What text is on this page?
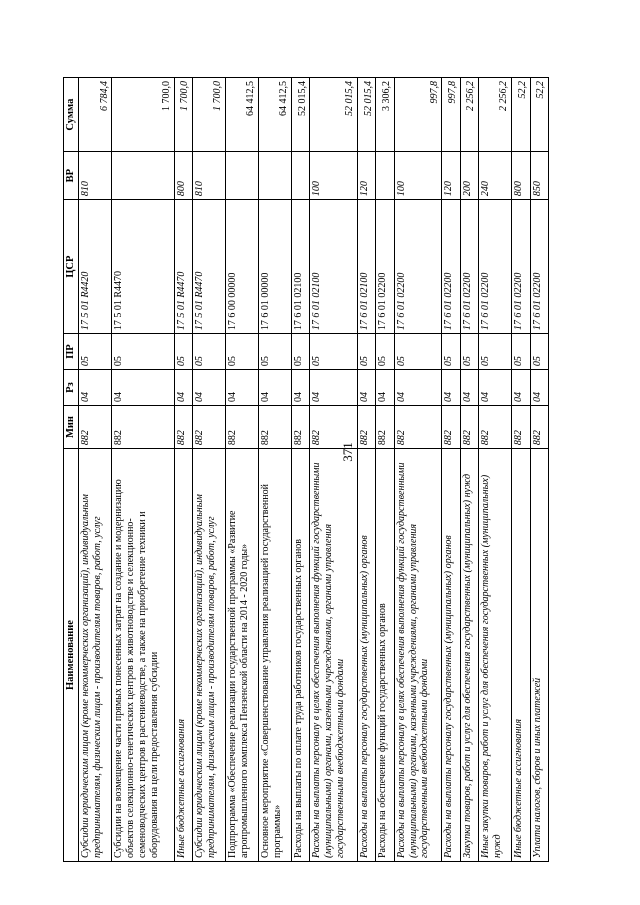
371
Наименование	Мин	Рз	ПР	ЦСР	ВР	Сумма
Субсидии юридическим лицам (кроме некоммерческих организаций), индивидуальным предпринимателям, физическим лицам - производителям товаров, работ, услуг	882	04	05	17 5 01 R4420	810	6 784,4
Субсидии на возмещение части прямых понесенных затрат на создание и модернизацию объектов селекционно-генетических центров в животноводстве и селекционно-семеноводческих центров в растениеводстве, а также на приобретение техники и оборудования на цели предоставления субсидии	882	04	05	17 5 01 R4470		1 700,0
Иные бюджетные ассигнования	882	04	05	17 5 01 R4470	800	1 700,0
Субсидии юридическим лицам (кроме некоммерческих организаций), индивидуальным предпринимателям, физическим лицам - производителям товаров, работ, услуг	882	04	05	17 5 01 R4470	810	1 700,0
Подпрограмма «Обеспечение реализации государственной программы «Развитие агропромышленного комплекса Пензенской области на 2014 - 2020 годы»	882	04	05	17 6 00 00000		64 412,5
Основное мероприятие «Совершенствование управления реализацией государственной программы»	882	04	05	17 6 01 00000		64 412,5
Расходы на выплаты по оплате труда работников государственных органов	882	04	05	17 6 01 02100		52 015,4
Расходы на выплаты персоналу в целях обеспечения выполнения функций государственными (муниципальными) органами, казенными учреждениями, органами управления государственными внебюджетными фондами	882	04	05	17 6 01 02100	100	52 015,4
Расходы на выплаты персоналу государственных (муниципальных) органов	882	04	05	17 6 01 02100	120	52 015,4
Расходы на обеспечение функций государственных органов	882	04	05	17 6 01 02200		3 306,2
Расходы на выплаты персоналу в целях обеспечения выполнения функций государственными (муниципальными) органами, казенными учреждениями, органами управления государственными внебюджетными фондами	882	04	05	17 6 01 02200	100	997,8
Расходы на выплаты персоналу государственных (муниципальных) органов	882	04	05	17 6 01 02200	120	997,8
Закупка товаров, работ и услуг для обеспечения государственных (муниципальных) нужд	882	04	05	17 6 01 02200	200	2 256,2
Иные закупки товаров, работ и услуг для обеспечения государственных (муниципальных) нужд	882	04	05	17 6 01 02200	240	2 256,2
Иные бюджетные ассигнования	882	04	05	17 6 01 02200	800	52,2
Уплата налогов, сборов и иных платежей	882	04	05	17 6 01 02200	850	52,2
